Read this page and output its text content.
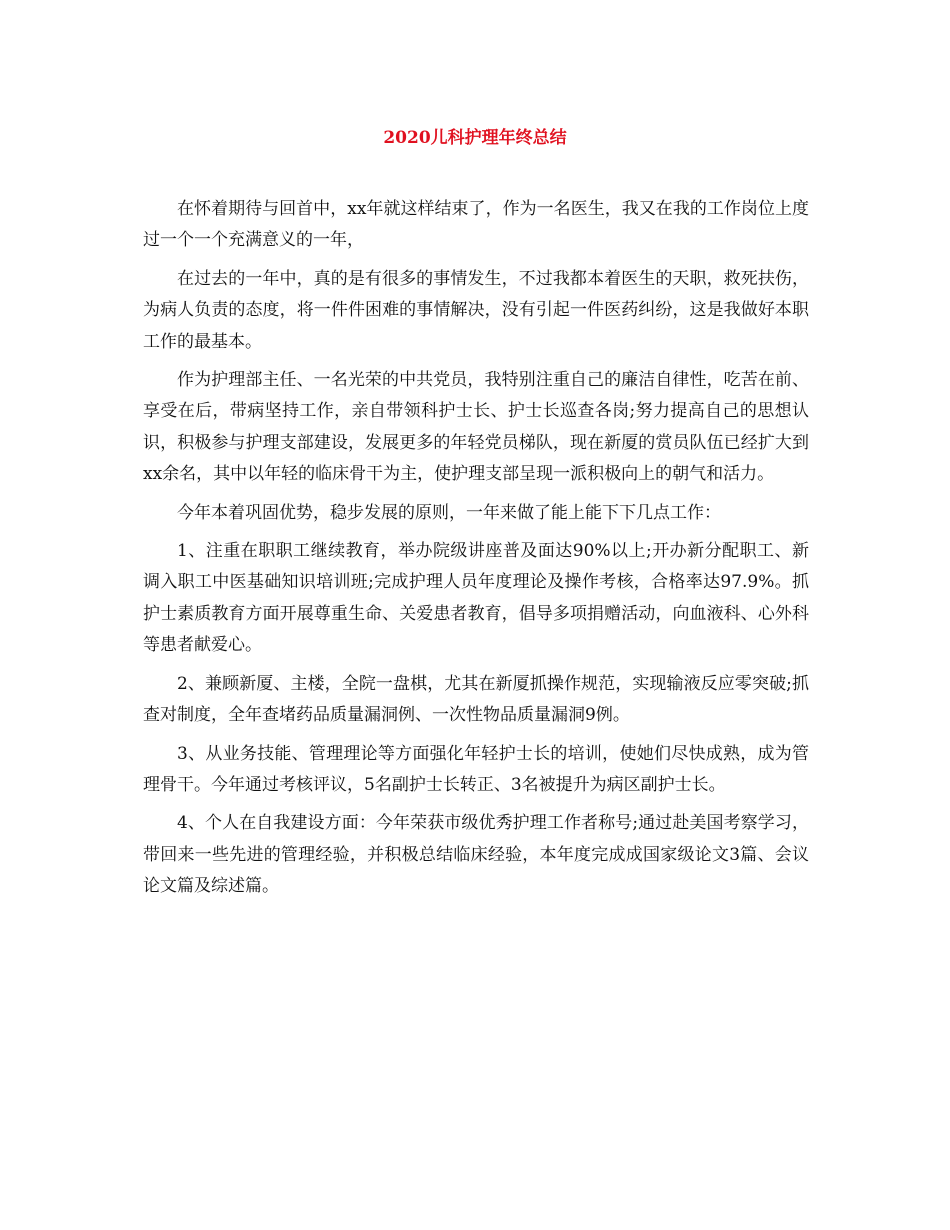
2020儿科护理年终总结

在怀着期待与回首中，xx年就这样结束了，作为一名医生，我又在我的工作岗位上度过一个一个充满意义的一年，

在过去的一年中，真的是有很多的事情发生，不过我都本着医生的天职，救死扶伤，为病人负责的态度，将一件件困难的事情解决，没有引起一件医药纠纷，这是我做好本职工作的最基本。

作为护理部主任、一名光荣的中共党员，我特别注重自己的廉洁自律性，吃苦在前、享受在后，带病坚持工作，亲自带领科护士长、护士长巡查各岗;努力提高自己的思想认识，积极参与护理支部建设，发展更多的年轻党员梯队，现在新厦的赏员队伍已经扩大到xx余名，其中以年轻的临床骨干为主，使护理支部呈现一派积极向上的朝气和活力。

今年本着巩固优势，稳步发展的原则，一年来做了能上能下下几点工作：

1、注重在职职工继续教育，举办院级讲座普及面达90%以上;开办新分配职工、新调入职工中医基础知识培训班;完成护理人员年度理论及操作考核，合格率达97.9%。抓护士素质教育方面开展尊重生命、关爱患者教育，倡导多项捐赠活动，向血液科、心外科等患者献爱心。

2、兼顾新厦、主楼，全院一盘棋，尤其在新厦抓操作规范，实现输液反应零突破;抓查对制度，全年查堵药品质量漏洞例、一次性物品质量漏洞9例。

3、从业务技能、管理理论等方面强化年轻护士长的培训，使她们尽快成熟，成为管理骨干。今年通过考核评议，5名副护士长转正、3名被提升为病区副护士长。

4、个人在自我建设方面：今年荣获市级优秀护理工作者称号;通过赴美国考察学习，带回来一些先进的管理经验，并积极总结临床经验，本年度完成成国家级论文3篇、会议论文篇及综述篇。
